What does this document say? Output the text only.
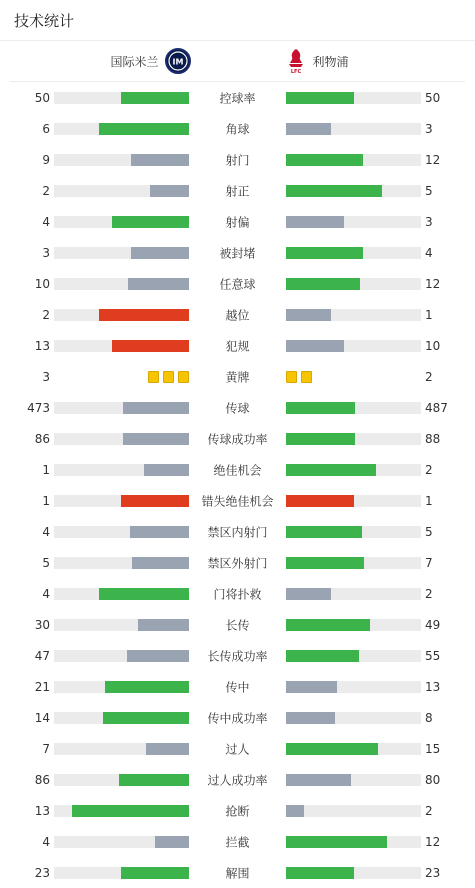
技术统计
国际米兰 IM
LFC
利物浦
50	控球率	50
6	角球	3
9	射门	12
2	射正	5
4	射偏	3
3	被封堵	4
10	任意球	12
2	越位	1
13	犯规	10
3	黄牌	2
473	传球	487
86	传球成功率	88
1	绝佳机会	2
1	错失绝佳机会	1
4	禁区内射门	5
5	禁区外射门	7
4	门将扑救	2
30	长传	49
47	长传成功率	55
21	传中	13
14	传中成功率	8
7	过人	15
86	过人成功率	80
13	抢断	2
4	拦截	12
23	解围	23
